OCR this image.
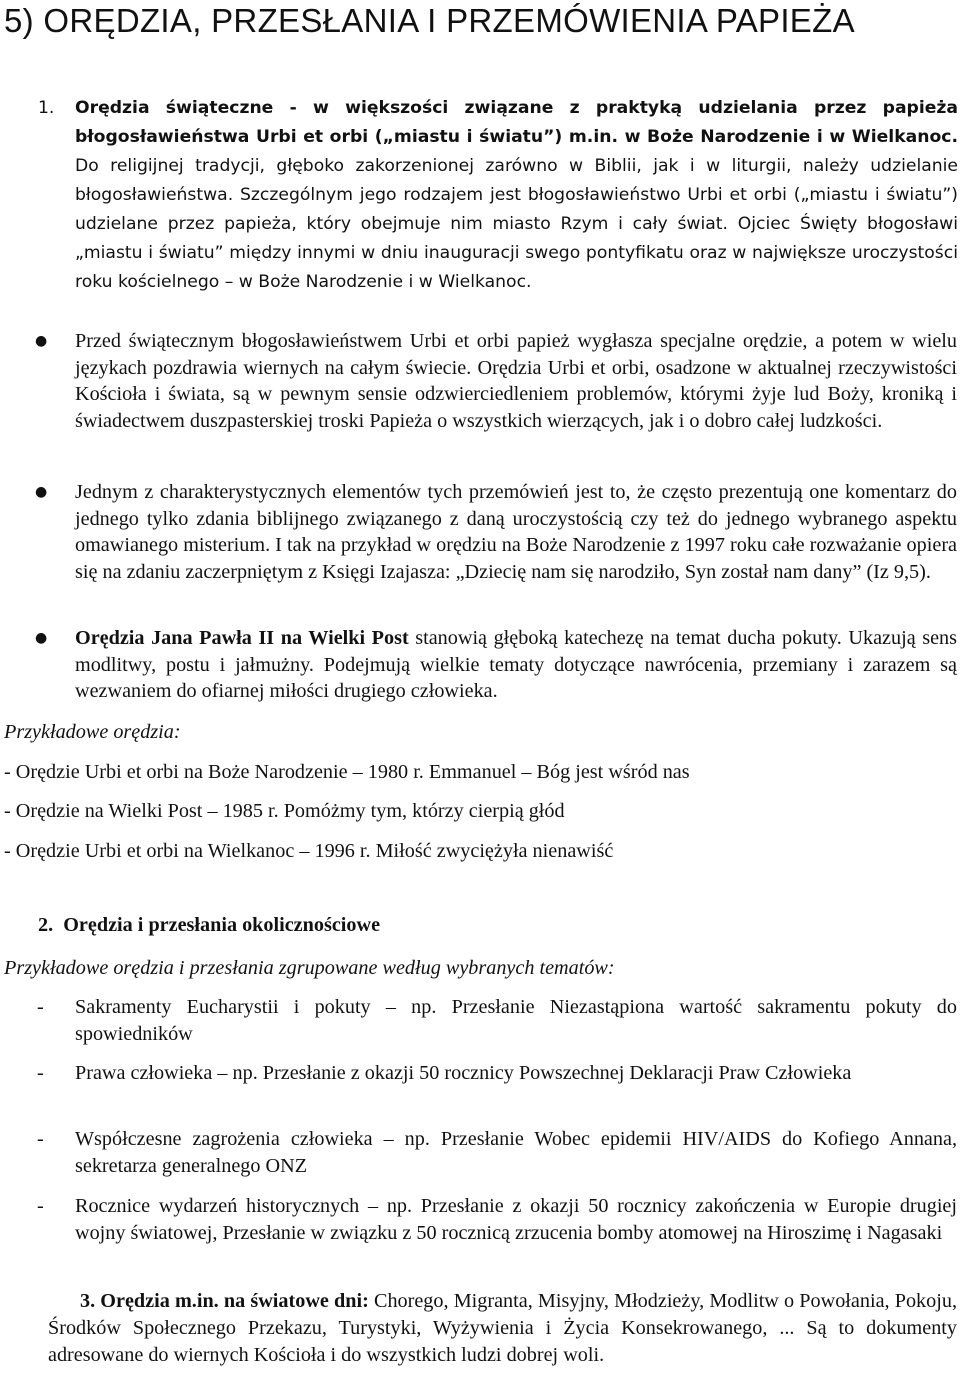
5) ORĘDZIA, PRZESŁANIA I PRZEMÓWIENIA PAPIEŻA
1. Orędzia świąteczne - w większości związane z praktyką udzielania przez papieża błogosławieństwa Urbi et orbi („miastu i światu”) m.in. w Boże Narodzenie i w Wielkanoc. Do religijnej tradycji, głęboko zakorzenionej zarówno w Biblii, jak i w liturgii, należy udzielanie błogosławieństwa. Szczególnym jego rodzajem jest błogosławieństwo Urbi et orbi („miastu i światu”) udzielane przez papieża, który obejmuje nim miasto Rzym i cały świat. Ojciec Święty błogosławi „miastu i światu” między innymi w dniu inauguracji swego pontyfikatu oraz w największe uroczystości roku kościelnego – w Boże Narodzenie i w Wielkanoc.
● Przed świątecznym błogosławieństwem Urbi et orbi papież wygłasza specjalne orędzie, a potem w wielu językach pozdrawia wiernych na całym świecie. Orędzia Urbi et orbi, osadzone w aktualnej rzeczywistości Kościoła i świata, są w pewnym sensie odzwierciedleniem problemów, którymi żyje lud Boży, kroniką i świadectwem duszpasterskiej troski Papieża o wszystkich wierzących, jak i o dobro całej ludzkości.
● Jednym z charakterystycznych elementów tych przemówień jest to, że często prezentują one komentarz do jednego tylko zdania biblijnego związanego z daną uroczystością czy też do jednego wybranego aspektu omawianego misterium. I tak na przykład w orędziu na Boże Narodzenie z 1997 roku całe rozważanie opiera się na zdaniu zaczerpniętym z Księgi Izajasza: „Dziecię nam się narodziło, Syn został nam dany” (Iz 9,5).
● Orędzia Jana Pawła II na Wielki Post stanowią głęboką katechezę na temat ducha pokuty. Ukazują sens modlitwy, postu i jałmużny. Podejmują wielkie tematy dotyczące nawrócenia, przemiany i zarazem są wezwaniem do ofiarnej miłości drugiego człowieka.
Przykładowe orędzia:
- Orędzie Urbi et orbi na Boże Narodzenie – 1980 r. Emmanuel – Bóg jest wśród nas
- Orędzie na Wielki Post – 1985 r. Pomóżmy tym, którzy cierpią głód
- Orędzie Urbi et orbi na Wielkanoc – 1996 r. Miłość zwyciężyła nienawiść
2. Orędzia i przesłania okolicznościowe
Przykładowe orędzia i przesłania zgrupowane według wybranych tematów:
- Sakramenty Eucharystii i pokuty – np. Przesłanie Niezastąpiona wartość sakramentu pokuty do spowiedników
- Prawa człowieka – np. Przesłanie z okazji 50 rocznicy Powszechnej Deklaracji Praw Człowieka
- Współczesne zagrożenia człowieka – np. Przesłanie Wobec epidemii HIV/AIDS do Kofiego Annana, sekretarza generalnego ONZ
- Rocznice wydarzeń historycznych – np. Przesłanie z okazji 50 rocznicy zakończenia w Europie drugiej wojny światowej, Przesłanie w związku z 50 rocznicą zrzucenia bomby atomowej na Hiroszimę i Nagasaki
3. Orędzia m.in. na światowe dni: Chorego, Migranta, Misyjny, Młodzieży, Modlitw o Powołania, Pokoju, Środków Społecznego Przekazu, Turystyki, Wyżywienia i Życia Konsekrowanego, ... Są to dokumenty adresowane do wiernych Kościoła i do wszystkich ludzi dobrej woli.
